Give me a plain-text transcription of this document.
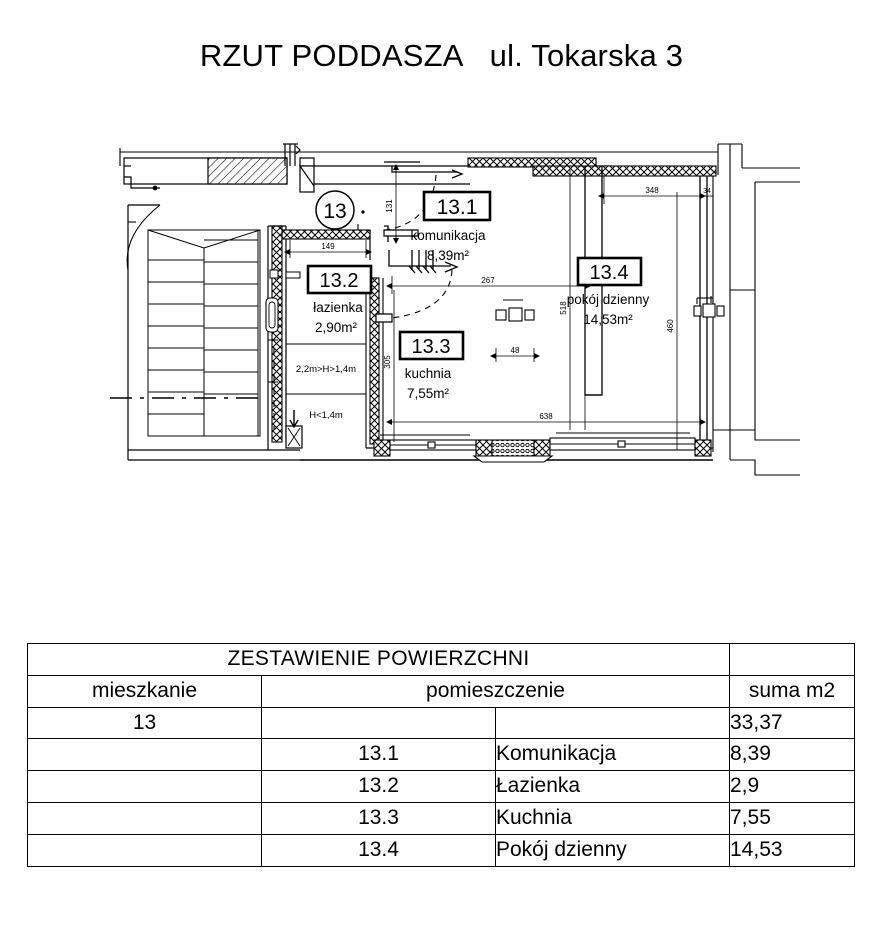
RZUT PODDASZA ul. Tokarska 3
13	13.1
komunikacja
8,39m²
13.2
łazienka
2,90m²
13.3
kuchnia
7,55m²
13.4
pokój dzienny
14,53m²
2,2m>H>1,4m
H<1,4m
131
149
267
305
518
348	34
460
48
638
ZESTAWIENIE POWIERZCHNI			
mieszkanie	pomieszczenie		suma m2
13			33,37
	13.1	Komunikacja	8,39
	13.2	Łazienka	2,9
	13.3	Kuchnia	7,55
	13.4	Pokój dzienny	14,53
